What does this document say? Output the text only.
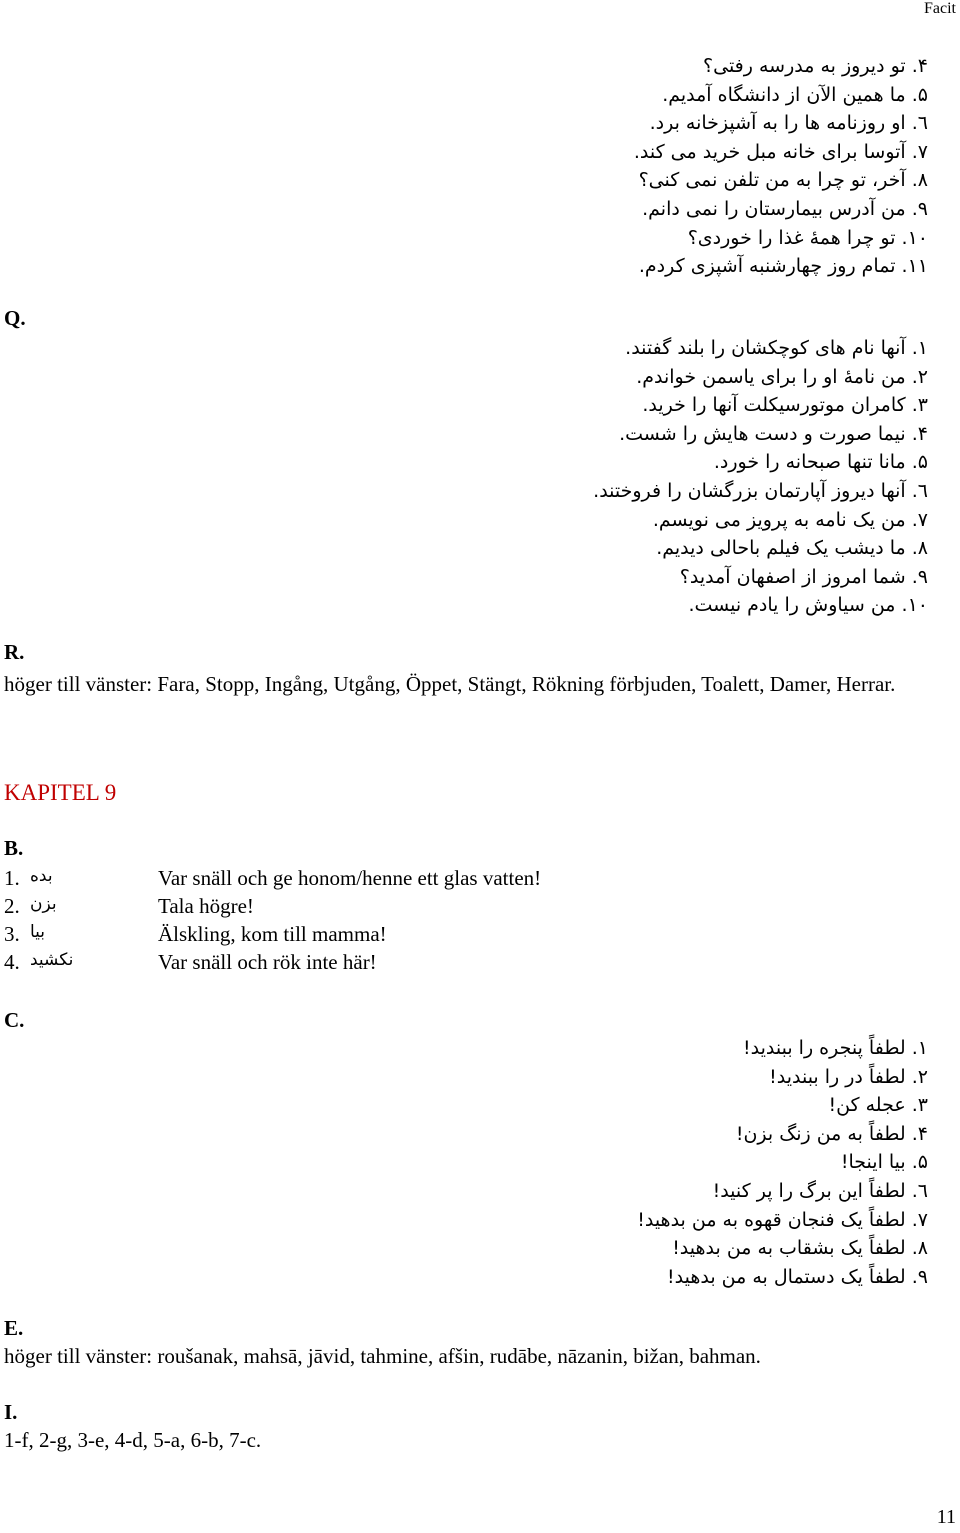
Facit
۴. تو دیروز به مدرسه رفتی؟
۵. ما همین الآن از دانشگاه آمدیم.
٦. او روزنامه ها را به آشپزخانه برد.
۷. آتوسا برای خانه مبل خرید می کند.
۸. آخر، تو چرا به من تلفن نمی کنی؟
۹. من آدرس بیمارستان را نمی دانم.
۱۰. تو چرا همهٔ غذا را خوردی؟
۱۱. تمام روز چهارشنبه آشپزی کردم.
Q.
۱. آنها نام های کوچکشان را بلند گفتند.
۲. من نامهٔ او را برای یاسمن خواندم.
۳. کامران موتورسیکلت آنها را خرید.
۴. نیما صورت و دست هایش را شست.
۵. مانا تنها صبحانه را خورد.
٦. آنها دیروز آپارتمان بزرگشان را فروختند.
۷. من یک نامه به پرویز می نویسم.
۸. ما دیشب یک فیلم باحالی دیدیم.
۹. شما امروز از اصفهان آمدید؟
۱۰. من سیاوش را یادم نیست.
R.
höger till vänster: Fara, Stopp, Ingång, Utgång, Öppet, Stängt, Rökning förbjuden, Toalett, Damer, Herrar.
KAPITEL 9
B.
1. بده	Var snäll och ge honom/henne ett glas vatten!
2. بزن	Tala högre!
3. بیا	Älskling, kom till mamma!
4. نکشید	Var snäll och rök inte här!
C.
۱. لطفاً پنجره را ببندید!
۲. لطفاً در را ببندید!
۳. عجله کن!
۴. لطفاً به من زنگ بزن!
۵. بیا اینجا!
٦. لطفاً این برگ را پر کنید!
۷. لطفاً یک فنجان قهوه به من بدهید!
۸. لطفاً یک بشقاب به من بدهید!
۹. لطفاً یک دستمال به من بدهید!
E.
höger till vänster: roušanak, mahsā, jāvid, tahmine, afšin, rudābe, nāzanin, bižan, bahman.
I.
1-f, 2-g, 3-e, 4-d, 5-a, 6-b, 7-c.
11
